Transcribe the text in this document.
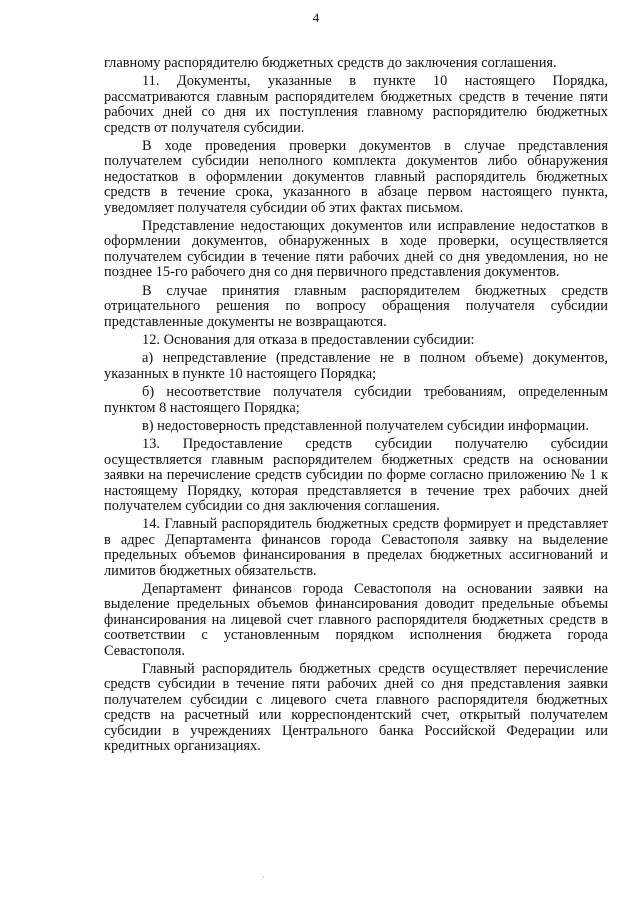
4

главному распорядителю бюджетных средств до заключения соглашения.

11. Документы, указанные в пункте 10 настоящего Порядка, рассматриваются главным распорядителем бюджетных средств в течение пяти рабочих дней со дня их поступления главному распорядителю бюджетных средств от получателя субсидии.

В ходе проведения проверки документов в случае представления получателем субсидии неполного комплекта документов либо обнаружения недостатков в оформлении документов главный распорядитель бюджетных средств в течение срока, указанного в абзаце первом настоящего пункта, уведомляет получателя субсидии об этих фактах письмом.

Представление недостающих документов или исправление недостатков в оформлении документов, обнаруженных в ходе проверки, осуществляется получателем субсидии в течение пяти рабочих дней со дня уведомления, но не позднее 15-го рабочего дня со дня первичного представления документов.

В случае принятия главным распорядителем бюджетных средств отрицательного решения по вопросу обращения получателя субсидии представленные документы не возвращаются.

12. Основания для отказа в предоставлении субсидии:

а) непредставление (представление не в полном объеме) документов, указанных в пункте 10 настоящего Порядка;

б) несоответствие получателя субсидии требованиям, определенным пунктом 8 настоящего Порядка;

в) недостоверность представленной получателем субсидии информации.

13. Предоставление средств субсидии получателю субсидии осуществляется главным распорядителем бюджетных средств на основании заявки на перечисление средств субсидии по форме согласно приложению № 1 к настоящему Порядку, которая представляется в течение трех рабочих дней получателем субсидии со дня заключения соглашения.

14. Главный распорядитель бюджетных средств формирует и представляет в адрес Департамента финансов города Севастополя заявку на выделение предельных объемов финансирования в пределах бюджетных ассигнований и лимитов бюджетных обязательств.

Департамент финансов города Севастополя на основании заявки на выделение предельных объемов финансирования доводит предельные объемы финансирования на лицевой счет главного распорядителя бюджетных средств в соответствии с установленным порядком исполнения бюджета города Севастополя.

Главный распорядитель бюджетных средств осуществляет перечисление средств субсидии в течение пяти рабочих дней со дня представления заявки получателем субсидии с лицевого счета главного распорядителя бюджетных средств на расчетный или корреспондентский счет, открытый получателем субсидии в учреждениях Центрального банка Российской Федерации или кредитных организациях.

·
